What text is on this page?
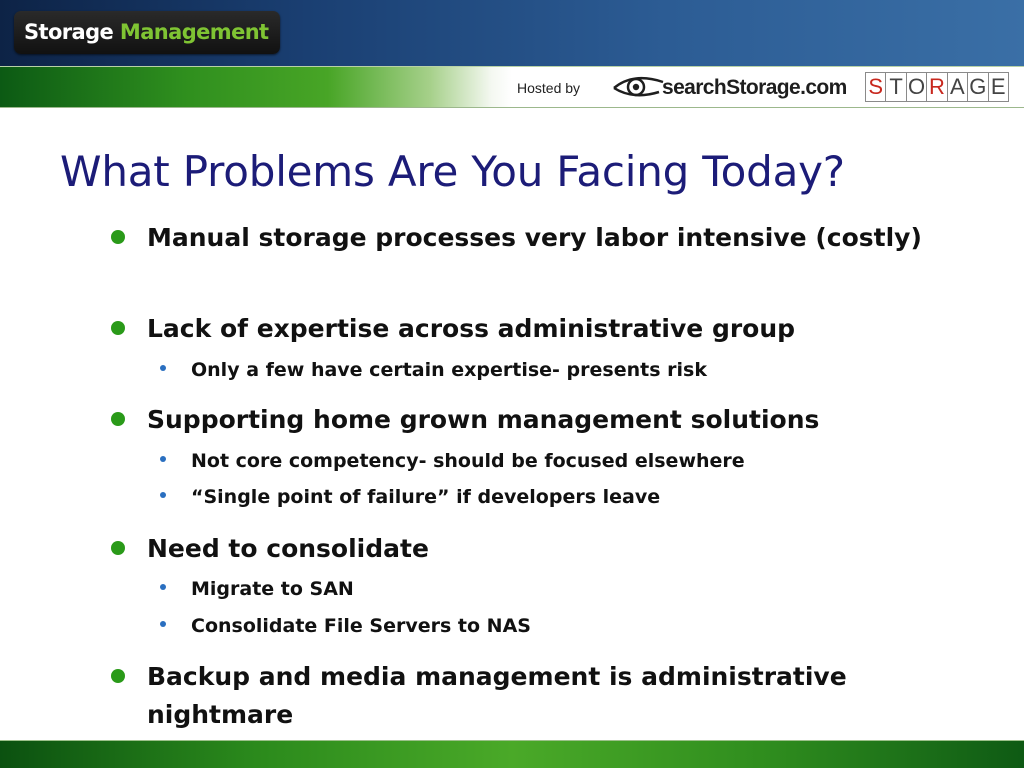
Storage Management
Hosted by	searchStorage.com S T O R A G E
What Problems Are You Facing Today?
Manual storage processes very labor intensive (costly)
Lack of expertise across administrative group
Only a few have certain expertise- presents risk
Supporting home grown management solutions
Not core competency- should be focused elsewhere
“Single point of failure” if developers leave
Need to consolidate
Migrate to SAN
Consolidate File Servers to NAS
Backup and media management is administrative nightmare
